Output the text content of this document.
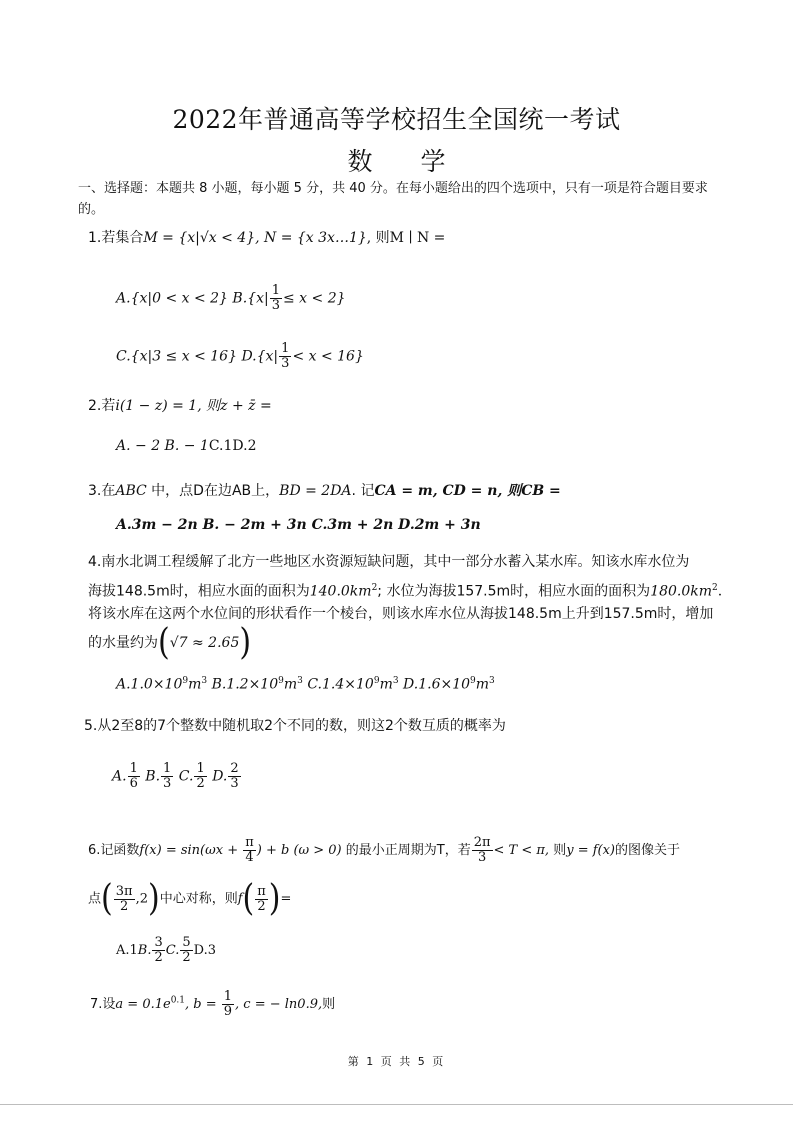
2022年普通高等学校招生全国统一考试
数 学
一、选择题：本题共 8 小题，每小题 5 分，共 40 分。在每小题给出的四个选项中，只有一项是符合题目要求的。
1.若集合M = {x|√x < 4}, N = {x 3x…1}, 则M ∣ N =
A.{x|0 < x < 2} $B.\{x| \frac{1}{3} \le x < 2\}$
C.{x|3 ≤ x < 16} $D.\{x| \frac{1}{3} < x < 16\}$
2.若i(1 − z) = 1, 则z + z̄ =
A. − 2 B. − 1C.1D.2
3.在ABC 中，点D在边AB上，BD = 2DA. 记CA = m, CD = n, 则CB =
A.3m − 2n B. − 2m + 3n C.3m + 2n D.2m + 3n
4.南水北调工程缓解了北方一些地区水资源短缺问题，其中一部分水蓄入某水库。知该水库水位为
海拔148.5m时，相应水面的面积为$140.0km^2$; 水位为海拔157.5m时，相应水面的面积为$180.0km^2$.
将该水库在这两个水位间的形状看作一个棱台，则该水库水位从海拔148.5m上升到157.5m时，增加
的水量约为(√7 ≈ 2.65)
$A.1.0\times 10^9m^3$ $B.1.2\times 10^9m^3$ $C.1.4\times 10^9m^3$ $D.1.6\times 10^9m^3$
5.从2至8的7个整数中随机取2个不同的数，则这2个数互质的概率为
A. $\frac{1}{6} B$. $\frac{1}{3} C$. $\frac{1}{2} D$. $\frac{2}{3}$
6.记函数$f(x) = \sin(\omega x + \frac{\pi}{4}$ ) + b (ω > 0) 的最小正周期为T，若 $\frac{2\pi}{3} < T < \pi$, 则y = f(x)的图像关于
点( $\frac{3\pi}{2} ,2$)中心对称，则$f( \frac{\pi}{2}$ )=
A.1B. $\frac{3}{2} C$. $\frac{5}{2} D.3$
7.设$a = 0.1e^{0.1}$, $b = \frac{1}{9}$ , c = − ln0.9,则
第 1 页 共 5 页
